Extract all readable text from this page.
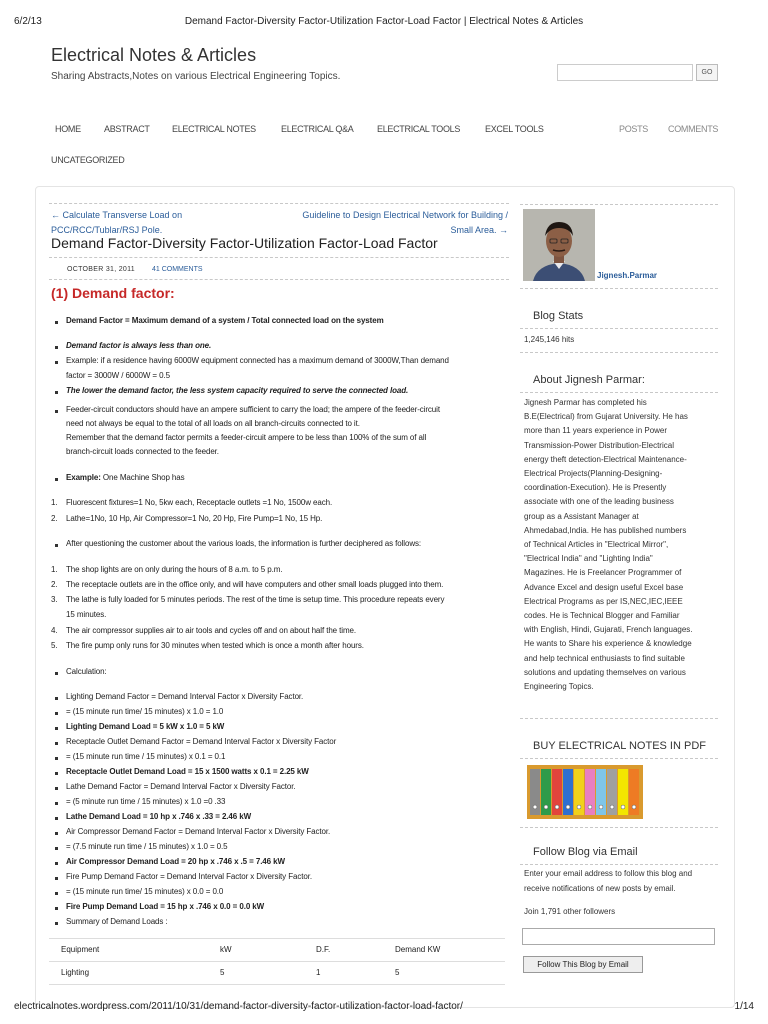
6/2/13	Demand Factor-Diversity Factor-Utilization Factor-Load Factor | Electrical Notes & Articles
Electrical Notes & Articles
Sharing Abstracts,Notes on various Electrical Engineering Topics.	GO
HOME	ABSTRACT ELECTRICAL NOTES	ELECTRICAL Q&A	ELECTRICAL TOOLS	EXCEL TOOLS	POSTS COMMENTS
UNCATEGORIZED
← Calculate Transverse Load on PCC/RCC/Tublar/RSJ Pole.
Guideline to Design Electrical Network for Building / Small Area. →
Demand Factor-Diversity Factor-Utilization Factor-Load Factor
OCTOBER 31, 2011 41 COMMENTS
(1) Demand factor:
Demand Factor = Maximum demand of a system / Total connected load on the system
Demand factor is always less than one.
Example: if a residence having 6000W equipment connected has a maximum demand of 3000W,Than demand
factor = 3000W / 6000W = 0.5
The lower the demand factor, the less system capacity required to serve the connected load.
Feeder-circuit conductors should have an ampere sufficient to carry the load; the ampere of the feeder-circuit
need not always be equal to the total of all loads on all branch-circuits connected to it.
Remember that the demand factor permits a feeder-circuit ampere to be less than 100% of the sum of all
branch-circuit loads connected to the feeder.
Example: One Machine Shop has
1. Fluorescent fixtures=1 No, 5kw each, Receptacle outlets =1 No, 1500w each.
2. Lathe=1No, 10 Hp, Air Compressor=1 No, 20 Hp, Fire Pump=1 No, 15 Hp.
After questioning the customer about the various loads, the information is further deciphered as follows:
1. The shop lights are on only during the hours of 8 a.m. to 5 p.m.
2. The receptacle outlets are in the office only, and will have computers and other small loads plugged into them.
3. The lathe is fully loaded for 5 minutes periods. The rest of the time is setup time. This procedure repeats every
15 minutes.
4. The air compressor supplies air to air tools and cycles off and on about half the time.
5. The fire pump only runs for 30 minutes when tested which is once a month after hours.
Calculation:
Lighting Demand Factor = Demand Interval Factor x Diversity Factor.
= (15 minute run time/ 15 minutes) x 1.0 = 1.0
Lighting Demand Load = 5 kW x 1.0 = 5 kW
Receptacle Outlet Demand Factor = Demand Interval Factor x Diversity Factor
= (15 minute run time / 15 minutes) x 0.1 = 0.1
Receptacle Outlet Demand Load = 15 x 1500 watts x 0.1 = 2.25 kW
Lathe Demand Factor = Demand Interval Factor x Diversity Factor.
= (5 minute run time / 15 minutes) x 1.0 =0 .33
Lathe Demand Load = 10 hp x .746 x .33 = 2.46 kW
Air Compressor Demand Factor = Demand Interval Factor x Diversity Factor.
= (7.5 minute run time / 15 minutes) x 1.0 = 0.5
Air Compressor Demand Load = 20 hp x .746 x .5 = 7.46 kW
Fire Pump Demand Factor = Demand Interval Factor x Diversity Factor.
= (15 minute run time/ 15 minutes) x 0.0 = 0.0
Fire Pump Demand Load = 15 hp x .746 x 0.0 = 0.0 kW
Summary of Demand Loads :
Equipment	kW	D.F.	Demand KW
Lighting	5	1	5
Jignesh.Parmar
Blog Stats
1,245,146 hits
About Jignesh Parmar:
Jignesh Parmar has completed his
B.E(Electrical) from Gujarat University. He has
more than 11 years experience in Power
Transmission-Power Distribution-Electrical
energy theft detection-Electrical Maintenance-
Electrical Projects(Planning-Designing-
coordination-Execution). He is Presently
associate with one of the leading business
group as a Assistant Manager at
Ahmedabad,India. He has published numbers
of Technical Articles in "Electrical Mirror",
"Electrical India" and "Lighting India"
Magazines. He is Freelancer Programmer of
Advance Excel and design useful Excel base
Electrical Programs as per IS,NEC,IEC,IEEE
codes. He is Technical Blogger and Familiar
with English, Hindi, Gujarati, French languages.
He wants to Share his experience & knowledge
and help technical enthusiasts to find suitable
solutions and updating themselves on various
Engineering Topics.
BUY ELECTRICAL NOTES IN PDF
Follow Blog via Email
Enter your email address to follow this blog and
receive notifications of new posts by email.
Join 1,791 other followers
Follow This Blog by Email
electricalnotes.wordpress.com/2011/10/31/demand-factor-diversity-factor-utilization-factor-load-factor/	1/14
